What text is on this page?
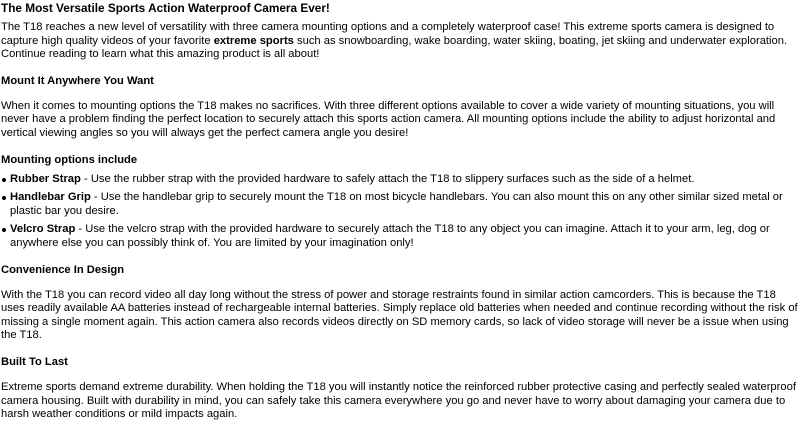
The Most Versatile Sports Action Waterproof Camera Ever!

The T18 reaches a new level of versatility with three camera mounting options and a completely waterproof case! This extreme sports camera is designed to capture high quality videos of your favorite extreme sports such as snowboarding, wake boarding, water skiing, boating, jet skiing and underwater exploration. Continue reading to learn what this amazing product is all about!

Mount It Anywhere You Want

When it comes to mounting options the T18 makes no sacrifices. With three different options available to cover a wide variety of mounting situations, you will never have a problem finding the perfect location to securely attach this sports action camera. All mounting options include the ability to adjust horizontal and vertical viewing angles so you will always get the perfect camera angle you desire!

Mounting options include
Rubber Strap - Use the rubber strap with the provided hardware to safely attach the T18 to slippery surfaces such as the side of a helmet.
Handlebar Grip - Use the handlebar grip to securely mount the T18 on most bicycle handlebars. You can also mount this on any other similar sized metal or plastic bar you desire.
Velcro Strap - Use the velcro strap with the provided hardware to securely attach the T18 to any object you can imagine. Attach it to your arm, leg, dog or anywhere else you can possibly think of. You are limited by your imagination only!
Convenience In Design

With the T18 you can record video all day long without the stress of power and storage restraints found in similar action camcorders. This is because the T18 uses readily available AA batteries instead of rechargeable internal batteries. Simply replace old batteries when needed and continue recording without the risk of missing a single moment again. This action camera also records videos directly on SD memory cards, so lack of video storage will never be a issue when using the T18.

Built To Last

Extreme sports demand extreme durability. When holding the T18 you will instantly notice the reinforced rubber protective casing and perfectly sealed waterproof camera housing. Built with durability in mind, you can safely take this camera everywhere you go and never have to worry about damaging your camera due to harsh weather conditions or mild impacts again.
